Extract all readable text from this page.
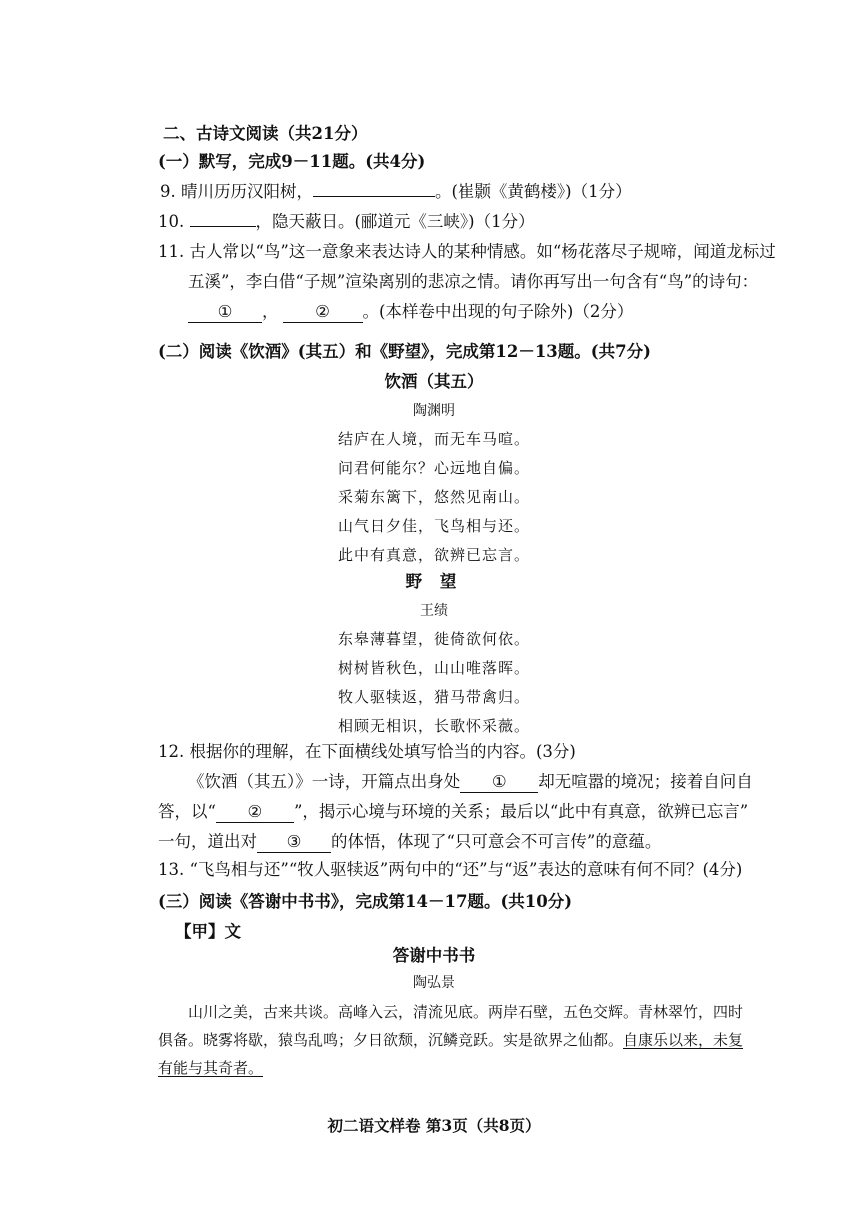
二、古诗文阅读（共21分）
(一）默写，完成9－11题。(共4分)
9. 晴川历历汉阳树，	。(崔颢《黄鹤楼》)（1分）
10.	，隐天蔽日。(郦道元《三峡》)（1分）
11. 古人常以“鸟”这一意象来表达诗人的某种情感。如“杨花落尽子规啼，闻道龙标过
五溪”，李白借“子规”渲染离别的悲凉之情。请你再写出一句含有“鸟”的诗句：
① ， ② 。(本样卷中出现的句子除外)（2分）
(二）阅读《饮酒》(其五）和《野望》，完成第12－13题。(共7分)
饮酒（其五）
陶渊明
结庐在人境，而无车马喧。
问君何能尔？心远地自偏。
采菊东篱下，悠然见南山。
山气日夕佳，飞鸟相与还。
此中有真意，欲辨已忘言。
野 望
王绩
东皋薄暮望，徙倚欲何依。
树树皆秋色，山山唯落晖。
牧人驱犊返，猎马带禽归。
相顾无相识，长歌怀采薇。
12. 根据你的理解，在下面横线处填写恰当的内容。(3分)
《饮酒（其五）》一诗，开篇点出身处 ① 却无喧嚣的境况；接着自问自
答，以“ ② ”，揭示心境与环境的关系；最后以“此中有真意，欲辨已忘言”
一句，道出对 ③ 的体悟，体现了“只可意会不可言传”的意蕴。
13. “飞鸟相与还”“牧人驱犊返”两句中的“还”与“返”表达的意味有何不同？(4分)
(三）阅读《答谢中书书》，完成第14－17题。(共10分)
【甲】文
答谢中书书
陶弘景
山川之美，古来共谈。高峰入云，清流见底。两岸石壁，五色交辉。青林翠竹，四时
俱备。晓雾将歇，猿鸟乱鸣；夕日欲颓，沉鳞竞跃。实是欲界之仙都。自康乐以来，未复
有能与其奇者。
初二语文样卷 第3页（共8页）
